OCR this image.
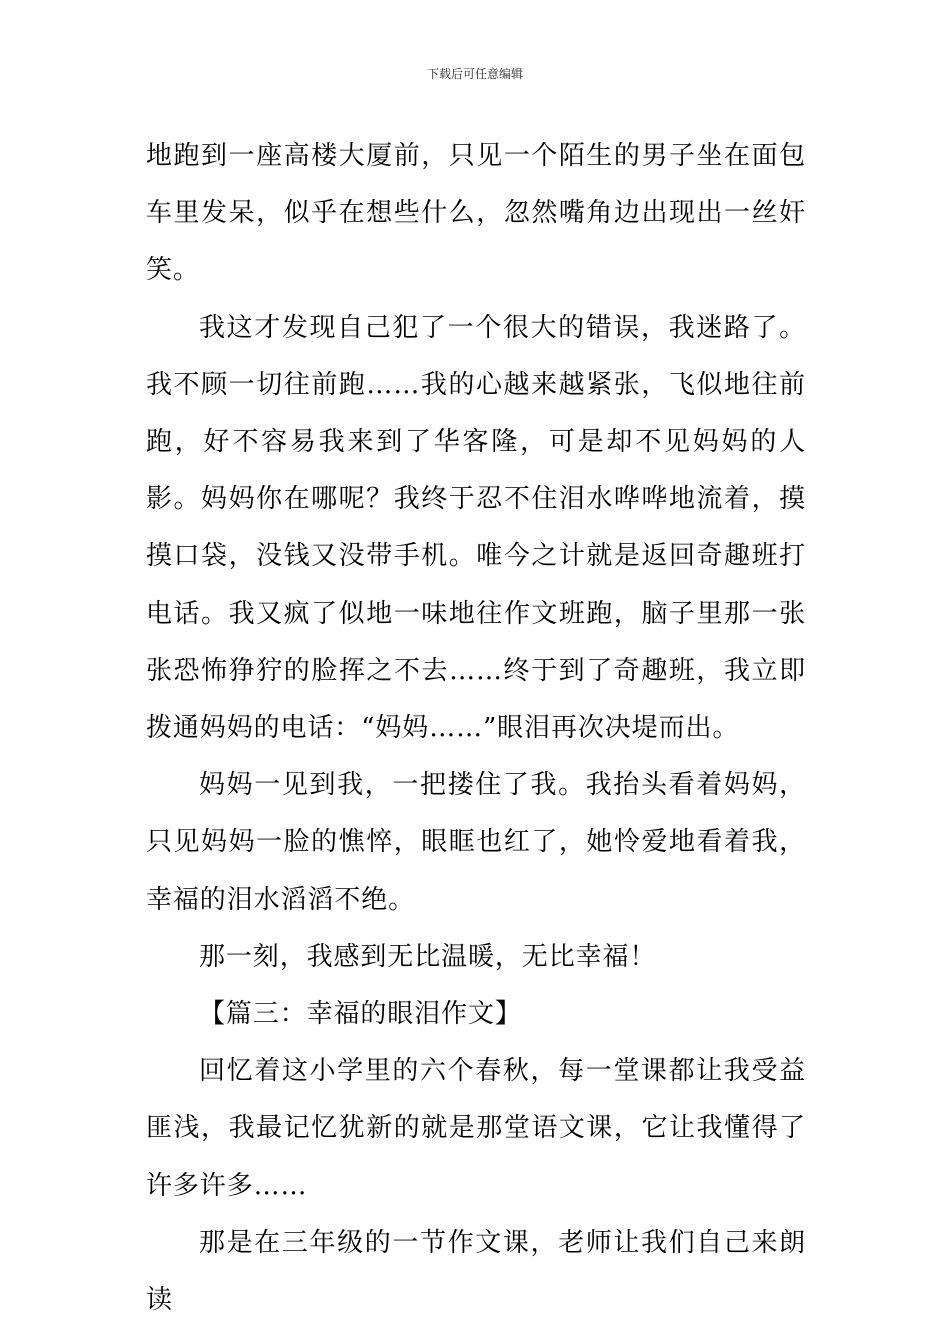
下载后可任意编辑

地跑到一座高楼大厦前，只见一个陌生的男子坐在面包车里发呆，似乎在想些什么，忽然嘴角边出现出一丝奸笑。

我这才发现自己犯了一个很大的错误，我迷路了。我不顾一切往前跑……我的心越来越紧张，飞似地往前跑，好不容易我来到了华客隆，可是却不见妈妈的人影。妈妈你在哪呢？我终于忍不住泪水哗哗地流着，摸摸口袋，没钱又没带手机。唯今之计就是返回奇趣班打电话。我又疯了似地一味地往作文班跑，脑子里那一张张恐怖狰狞的脸挥之不去……终于到了奇趣班，我立即拨通妈妈的电话：“妈妈……”眼泪再次决堤而出。

妈妈一见到我，一把搂住了我。我抬头看着妈妈，只见妈妈一脸的憔悴，眼眶也红了，她怜爱地看着我，幸福的泪水滔滔不绝。

那一刻，我感到无比温暖，无比幸福！

【篇三：幸福的眼泪作文】

回忆着这小学里的六个春秋，每一堂课都让我受益匪浅，我最记忆犹新的就是那堂语文课，它让我懂得了许多许多……

那是在三年级的一节作文课，老师让我们自己来朗读
